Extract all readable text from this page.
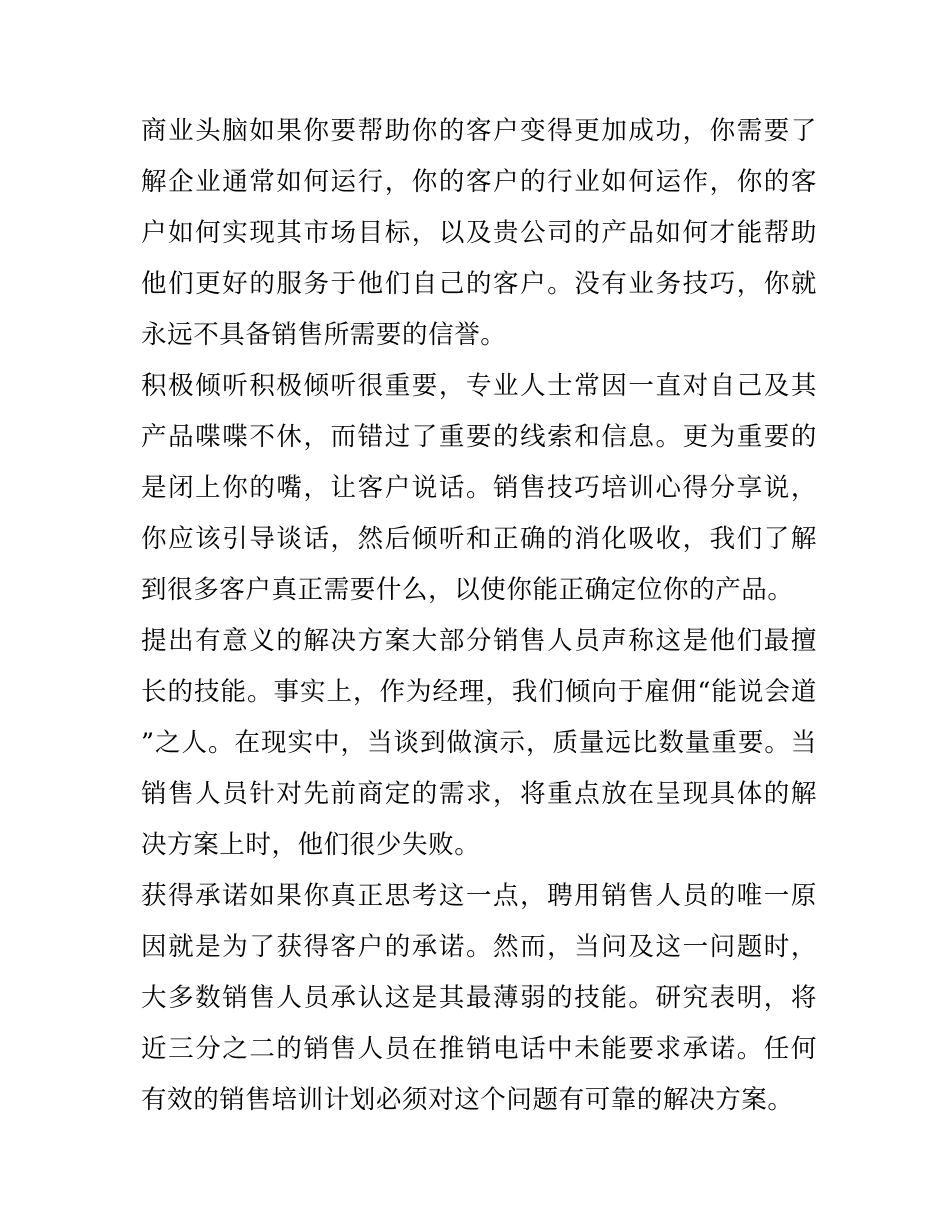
商业头脑如果你要帮助你的客户变得更加成功，你需要了解企业通常如何运行，你的客户的行业如何运作，你的客户如何实现其市场目标，以及贵公司的产品如何才能帮助他们更好的服务于他们自己的客户。没有业务技巧，你就永远不具备销售所需要的信誉。

积极倾听积极倾听很重要，专业人士常因一直对自己及其产品喋喋不休，而错过了重要的线索和信息。更为重要的是闭上你的嘴，让客户说话。销售技巧培训心得分享说，你应该引导谈话，然后倾听和正确的消化吸收，我们了解到很多客户真正需要什么，以使你能正确定位你的产品。

提出有意义的解决方案大部分销售人员声称这是他们最擅长的技能。事实上，作为经理，我们倾向于雇佣“能说会道”之人。在现实中，当谈到做演示，质量远比数量重要。当销售人员针对先前商定的需求，将重点放在呈现具体的解决方案上时，他们很少失败。

获得承诺如果你真正思考这一点，聘用销售人员的唯一原因就是为了获得客户的承诺。然而，当问及这一问题时，大多数销售人员承认这是其最薄弱的技能。研究表明，将近三分之二的销售人员在推销电话中未能要求承诺。任何有效的销售培训计划必须对这个问题有可靠的解决方案。
